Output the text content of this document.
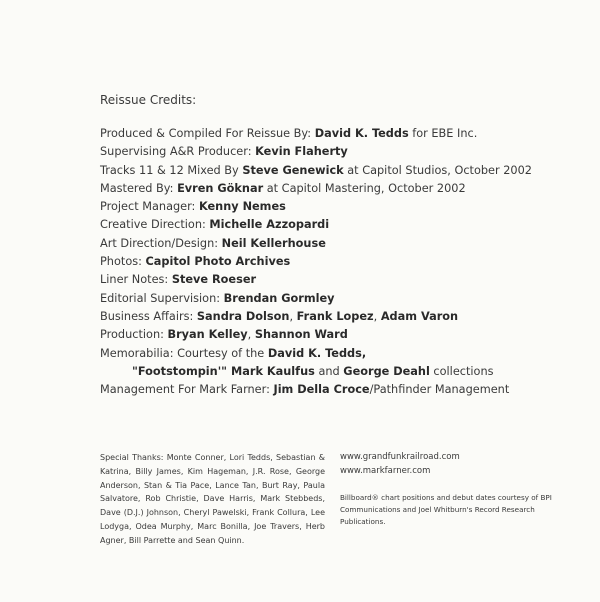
Reissue Credits:
Produced & Compiled For Reissue By: David K. Tedds for EBE Inc.
Supervising A&R Producer: Kevin Flaherty
Tracks 11 & 12 Mixed By Steve Genewick at Capitol Studios, October 2002
Mastered By: Evren Göknar at Capitol Mastering, October 2002
Project Manager: Kenny Nemes
Creative Direction: Michelle Azzopardi
Art Direction/Design: Neil Kellerhouse
Photos: Capitol Photo Archives
Liner Notes: Steve Roeser
Editorial Supervision: Brendan Gormley
Business Affairs: Sandra Dolson, Frank Lopez, Adam Varon
Production: Bryan Kelley, Shannon Ward
Memorabilia: Courtesy of the David K. Tedds,
"Footstompin'" Mark Kaulfus and George Deahl collections
Management For Mark Farner: Jim Della Croce/Pathfinder Management
Special Thanks: Monte Conner, Lori Tedds, Sebastian & Katrina, Billy James, Kim Hageman, J.R. Rose, George Anderson, Stan & Tia Pace, Lance Tan, Burt Ray, Paula Salvatore, Rob Christie, Dave Harris, Mark Stebbeds, Dave (D.J.) Johnson, Cheryl Pawelski, Frank Collura, Lee Lodyga, Odea Murphy, Marc Bonilla, Joe Travers, Herb Agner, Bill Parrette and Sean Quinn.
www.grandfunkrailroad.com
www.markfarner.com
Billboard® chart positions and debut dates courtesy of BPI Communications and Joel Whitburn's Record Research Publications.
